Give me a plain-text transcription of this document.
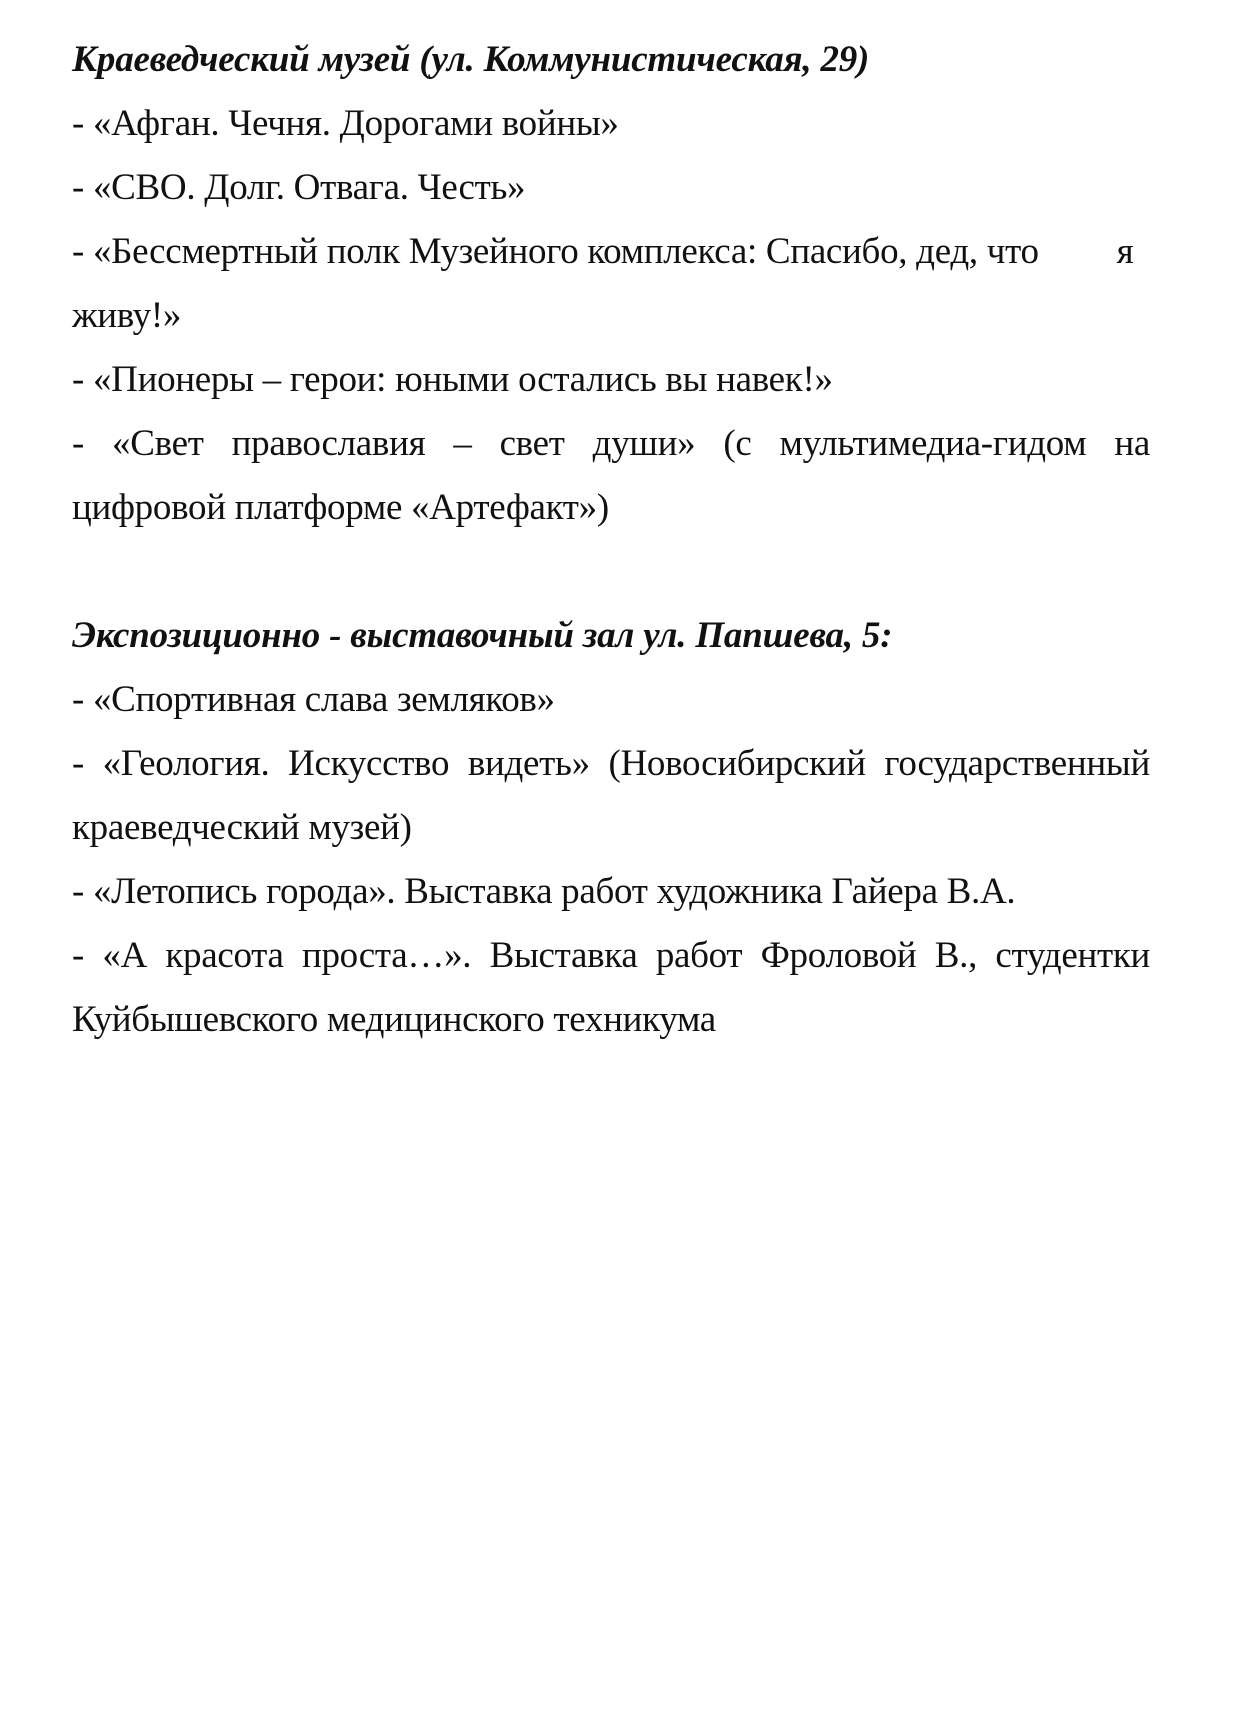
Краеведческий музей (ул. Коммунистическая, 29)

- «Афган. Чечня. Дорогами войны»

- «СВО. Долг. Отвага. Честь»

- «Бессмертный полк Музейного комплекса: Спасибо, дед, что я живу!»

- «Пионеры – герои: юными остались вы навек!»

- «Свет православия – свет души» (с мультимедиа-гидом на цифровой платформе «Артефакт»)

Экспозиционно - выставочный зал ул. Папшева, 5:

- «Спортивная слава земляков»

- «Геология. Искусство видеть» (Новосибирский государственный краеведческий музей)

- «Летопись города». Выставка работ художника Гайера В.А.

- «А красота проста…». Выставка работ Фроловой В., студентки Куйбышевского медицинского техникума
